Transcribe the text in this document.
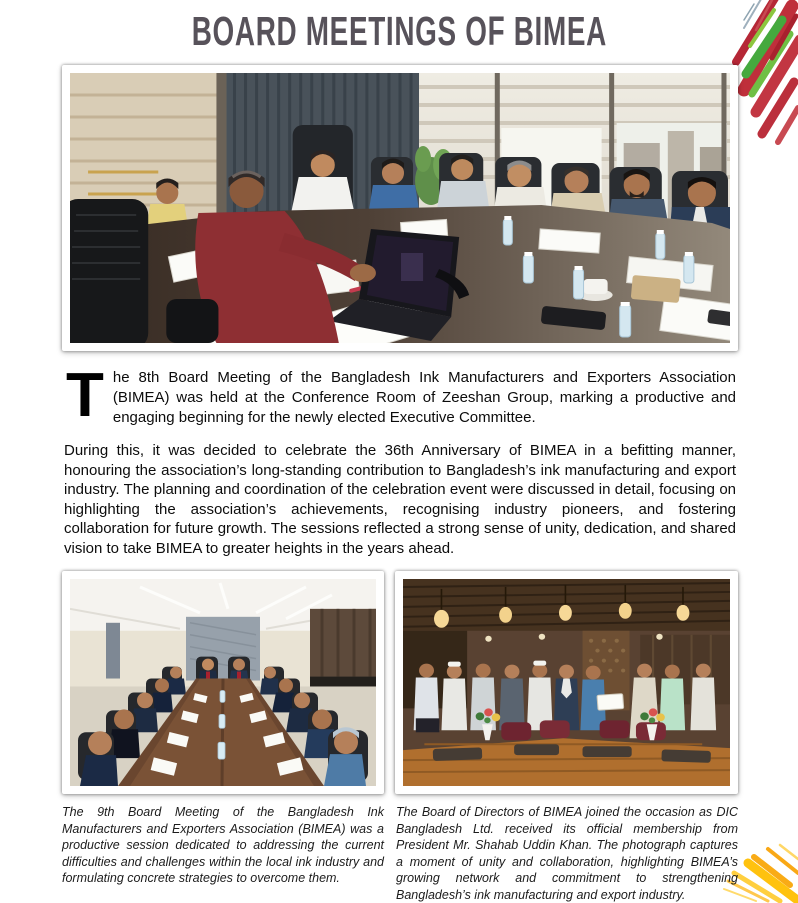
BOARD MEETINGS OF BIMEA

The 8th Board Meeting of the Bangladesh Ink Manufacturers and Exporters Association (BIMEA) was held at the Conference Room of Zeeshan Group, marking a productive and engaging beginning for the newly elected Executive Committee.

During this, it was decided to celebrate the 36th Anniversary of BIMEA in a befitting manner, honouring the association’s long-standing contribution to Bangladesh’s ink manufacturing and export industry. The planning and coordination of the celebration event were discussed in detail, focusing on highlighting the association’s achievements, recognising industry pioneers, and fostering collaboration for future growth. The sessions reflected a strong sense of unity, dedication, and shared vision to take BIMEA to greater heights in the years ahead.

The 9th Board Meeting of the Bangladesh Ink Manufacturers and Exporters Association (BIMEA) was a productive session dedicated to addressing the current difficulties and challenges within the local ink industry and formulating concrete strategies to overcome them.

The Board of Directors of BIMEA joined the occasion as DIC Bangladesh Ltd. received its official membership from President Mr. Shahab Uddin Khan. The photograph captures a moment of unity and collaboration, highlighting BIMEA’s growing network and commitment to strengthening Bangladesh’s ink manufacturing and export industry.
